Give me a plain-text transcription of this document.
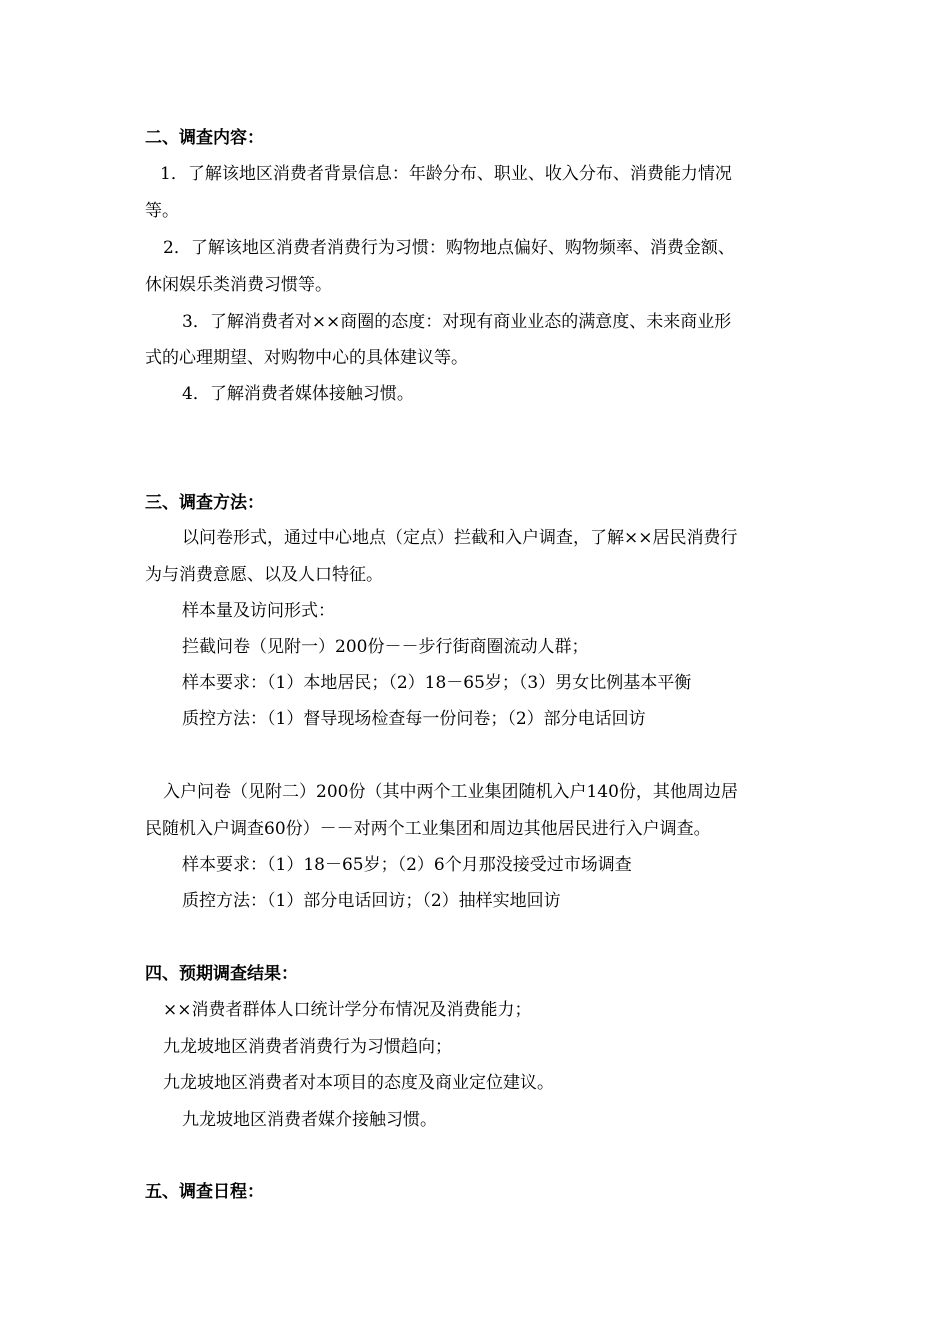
二、调查内容：
1．了解该地区消费者背景信息：年龄分布、职业、收入分布、消费能力情况
等。
2．了解该地区消费者消费行为习惯：购物地点偏好、购物频率、消费金额、
休闲娱乐类消费习惯等。
3．了解消费者对××商圈的态度：对现有商业业态的满意度、未来商业形
式的心理期望、对购物中心的具体建议等。
4．了解消费者媒体接触习惯。
三、调查方法：
以问卷形式，通过中心地点（定点）拦截和入户调查，了解××居民消费行
为与消费意愿、以及人口特征。
样本量及访问形式：
拦截问卷（见附一）200份－－步行街商圈流动人群；
样本要求：（1）本地居民；（2）18－65岁；（3）男女比例基本平衡
质控方法：（1）督导现场检查每一份问卷；（2）部分电话回访
入户问卷（见附二）200份（其中两个工业集团随机入户140份，其他周边居
民随机入户调查60份）－－对两个工业集团和周边其他居民进行入户调查。
样本要求：（1）18－65岁；（2）6个月那没接受过市场调查
质控方法：（1）部分电话回访；（2）抽样实地回访
四、预期调查结果：
××消费者群体人口统计学分布情况及消费能力；
九龙坡地区消费者消费行为习惯趋向；
九龙坡地区消费者对本项目的态度及商业定位建议。
九龙坡地区消费者媒介接触习惯。
五、调查日程：
